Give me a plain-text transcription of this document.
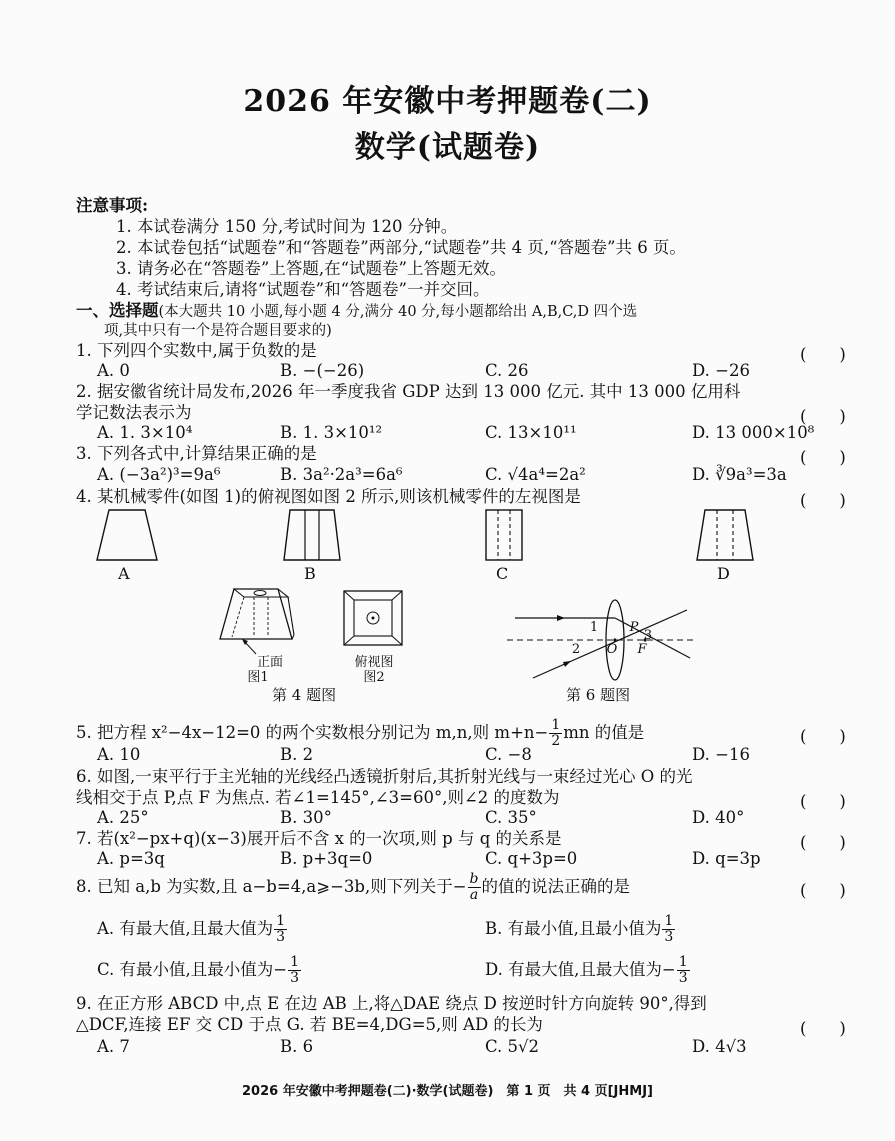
2026 年安徽中考押题卷(二)
数学(试题卷)
注意事项:
1. 本试卷满分 150 分,考试时间为 120 分钟。
2. 本试卷包括“试题卷”和“答题卷”两部分,“试题卷”共 4 页,“答题卷”共 6 页。
3. 请务必在“答题卷”上答题,在“试题卷”上答题无效。
4. 考试结束后,请将“试题卷”和“答题卷”一并交回。
一、选择题(本大题共 10 小题,每小题 4 分,满分 40 分,每小题都给出 A,B,C,D 四个选
项,其中只有一个是符合题目要求的)
1. 下列四个实数中,属于负数的是	(　　)
A. 0	B. −(−26)	C. 26	D. −26
2. 据安徽省统计局发布,2026 年一季度我省 GDP 达到 13 000 亿元. 其中 13 000 亿用科
学记数法表示为	(　　)
A. 1. 3×10⁴	B. 1. 3×10¹²	C. 13×10¹¹	D. 13 000×10⁸
3. 下列各式中,计算结果正确的是	(　　)
A. (−3a²)³=9a⁶	B. 3a²·2a³=6a⁶	C. √4a⁴=2a²	D. ∛9a³=3a
4. 某机械零件(如图 1)的俯视图如图 2 所示,则该机械零件的左视图是	(　　)
A	B	C	D
正面
图1
俯视图
图2
第 4 题图
1
2
3
P
O F
第 6 题图
5. 把方程 x²−4x−12=0 的两个实数根分别记为 m,n,则 $m+n- \frac{1}{2}$ mn 的值是	(　　)
A. 10	B. 2	C. −8	D. −16
6. 如图,一束平行于主光轴的光线经凸透镜折射后,其折射光线与一束经过光心 O 的光
线相交于点 P,点 F 为焦点. 若∠1=145°,∠3=60°,则∠2 的度数为	(　　)
A. 25°	B. 30°	C. 35°	D. 40°
7. 若(x²−px+q)(x−3)展开后不含 x 的一次项,则 p 与 q 的关系是	(　　)
A. p=3q	B. p+3q=0	C. q+3p=0	D. q=3p
8. 已知 a,b 为实数,且 a−b=4,a⩾−3b,则下列关于− $\frac{b}{a}$ 的值的说法正确的是	(　　)
A. 有最大值,且最大值为 $\frac{1}{3}$	B. 有最小值,且最小值为 $\frac{1}{3}$
C. 有最小值,且最小值为− $\frac{1}{3}$	D. 有最大值,且最大值为− $\frac{1}{3}$
9. 在正方形 ABCD 中,点 E 在边 AB 上,将△DAE 绕点 D 按逆时针方向旋转 90°,得到
△DCF,连接 EF 交 CD 于点 G. 若 BE=4,DG=5,则 AD 的长为	(　　)
A. 7	B. 6	C. 5√2	D. 4√3
2026 年安徽中考押题卷(二)·数学(试题卷)　第 1 页　共 4 页[JHMJ]
